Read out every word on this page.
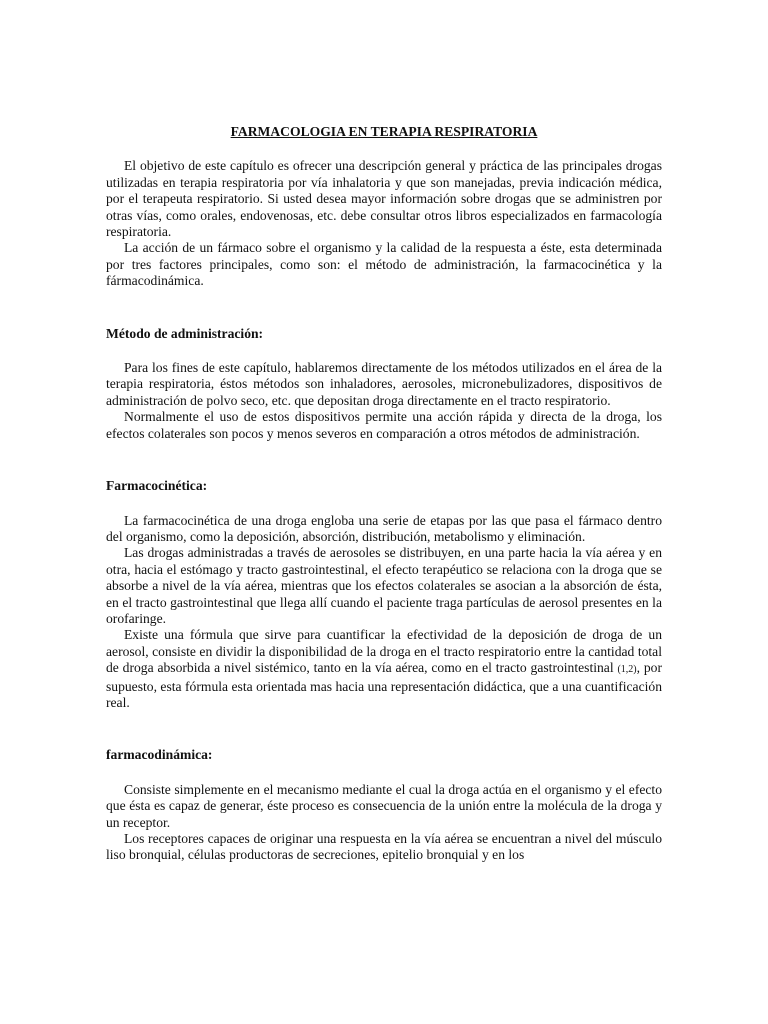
FARMACOLOGIA EN TERAPIA RESPIRATORIA

El objetivo de este capítulo es ofrecer una descripción general y práctica de las principales drogas utilizadas en terapia respiratoria por vía inhalatoria y que son manejadas, previa indicación médica, por el terapeuta respiratorio. Si usted desea mayor información sobre drogas que se administren por otras vías, como orales, endovenosas, etc. debe consultar otros libros especializados en farmacología respiratoria.

La acción de un fármaco sobre el organismo y la calidad de la respuesta a éste, esta determinada por tres factores principales, como son: el método de administración, la farmacocinética y la fármacodinámica.

Método de administración:

Para los fines de este capítulo, hablaremos directamente de los métodos utilizados en el área de la terapia respiratoria, éstos métodos son inhaladores, aerosoles, micronebulizadores, dispositivos de administración de polvo seco, etc. que depositan droga directamente en el tracto respiratorio.

Normalmente el uso de estos dispositivos permite una acción rápida y directa de la droga, los efectos colaterales son pocos y menos severos en comparación a otros métodos de administración.

Farmacocinética:

La farmacocinética de una droga engloba una serie de etapas por las que pasa el fármaco dentro del organismo, como la deposición, absorción, distribución, metabolismo y eliminación.

Las drogas administradas a través de aerosoles se distribuyen, en una parte hacia la vía aérea y en otra, hacia el estómago y tracto gastrointestinal, el efecto terapéutico se relaciona con la droga que se absorbe a nivel de la vía aérea, mientras que los efectos colaterales se asocian a la absorción de ésta, en el tracto gastrointestinal que llega allí cuando el paciente traga partículas de aerosol presentes en la orofaringe.

Existe una fórmula que sirve para cuantificar la efectividad de la deposición de droga de un aerosol, consiste en dividir la disponibilidad de la droga en el tracto respiratorio entre la cantidad total de droga absorbida a nivel sistémico, tanto en la vía aérea, como en el tracto gastrointestinal (1,2), por supuesto, esta fórmula esta orientada mas hacia una representación didáctica, que a una cuantificación real.

farmacodinámica:

Consiste simplemente en el mecanismo mediante el cual la droga actúa en el organismo y el efecto que ésta es capaz de generar, éste proceso es consecuencia de la unión entre la molécula de la droga y un receptor.

Los receptores capaces de originar una respuesta en la vía aérea se encuentran a nivel del músculo liso bronquial, células productoras de secreciones, epitelio bronquial y en los
